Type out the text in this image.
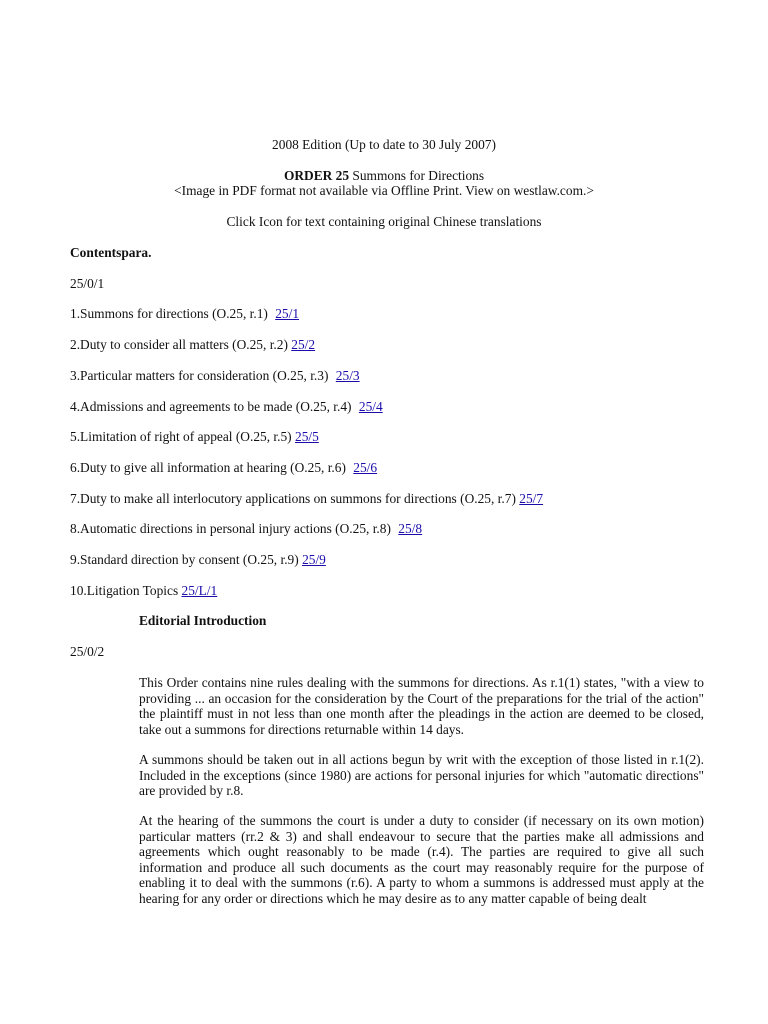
2008 Edition (Up to date to 30 July 2007)
ORDER 25 Summons for Directions
<Image in PDF format not available via Offline Print. View on westlaw.com.>
Click Icon for text containing original Chinese translations
Contentspara.
25/0/1
1.Summons for directions (O.25, r.1) 25/1
2.Duty to consider all matters (O.25, r.2) 25/2
3.Particular matters for consideration (O.25, r.3) 25/3
4.Admissions and agreements to be made (O.25, r.4) 25/4
5.Limitation of right of appeal (O.25, r.5) 25/5
6.Duty to give all information at hearing (O.25, r.6) 25/6
7.Duty to make all interlocutory applications on summons for directions (O.25, r.7) 25/7
8.Automatic directions in personal injury actions (O.25, r.8) 25/8
9.Standard direction by consent (O.25, r.9) 25/9
10.Litigation Topics 25/L/1
Editorial Introduction
25/0/2
This Order contains nine rules dealing with the summons for directions. As r.1(1) states, "with a view to providing ... an occasion for the consideration by the Court of the preparations for the trial of the action" the plaintiff must in not less than one month after the pleadings in the action are deemed to be closed, take out a summons for directions returnable within 14 days.
A summons should be taken out in all actions begun by writ with the exception of those listed in r.1(2). Included in the exceptions (since 1980) are actions for personal injuries for which "automatic directions" are provided by r.8.
At the hearing of the summons the court is under a duty to consider (if necessary on its own motion) particular matters (rr.2 & 3) and shall endeavour to secure that the parties make all admissions and agreements which ought reasonably to be made (r.4). The parties are required to give all such information and produce all such documents as the court may reasonably require for the purpose of enabling it to deal with the summons (r.6). A party to whom a summons is addressed must apply at the hearing for any order or directions which he may desire as to any matter capable of being dealt
